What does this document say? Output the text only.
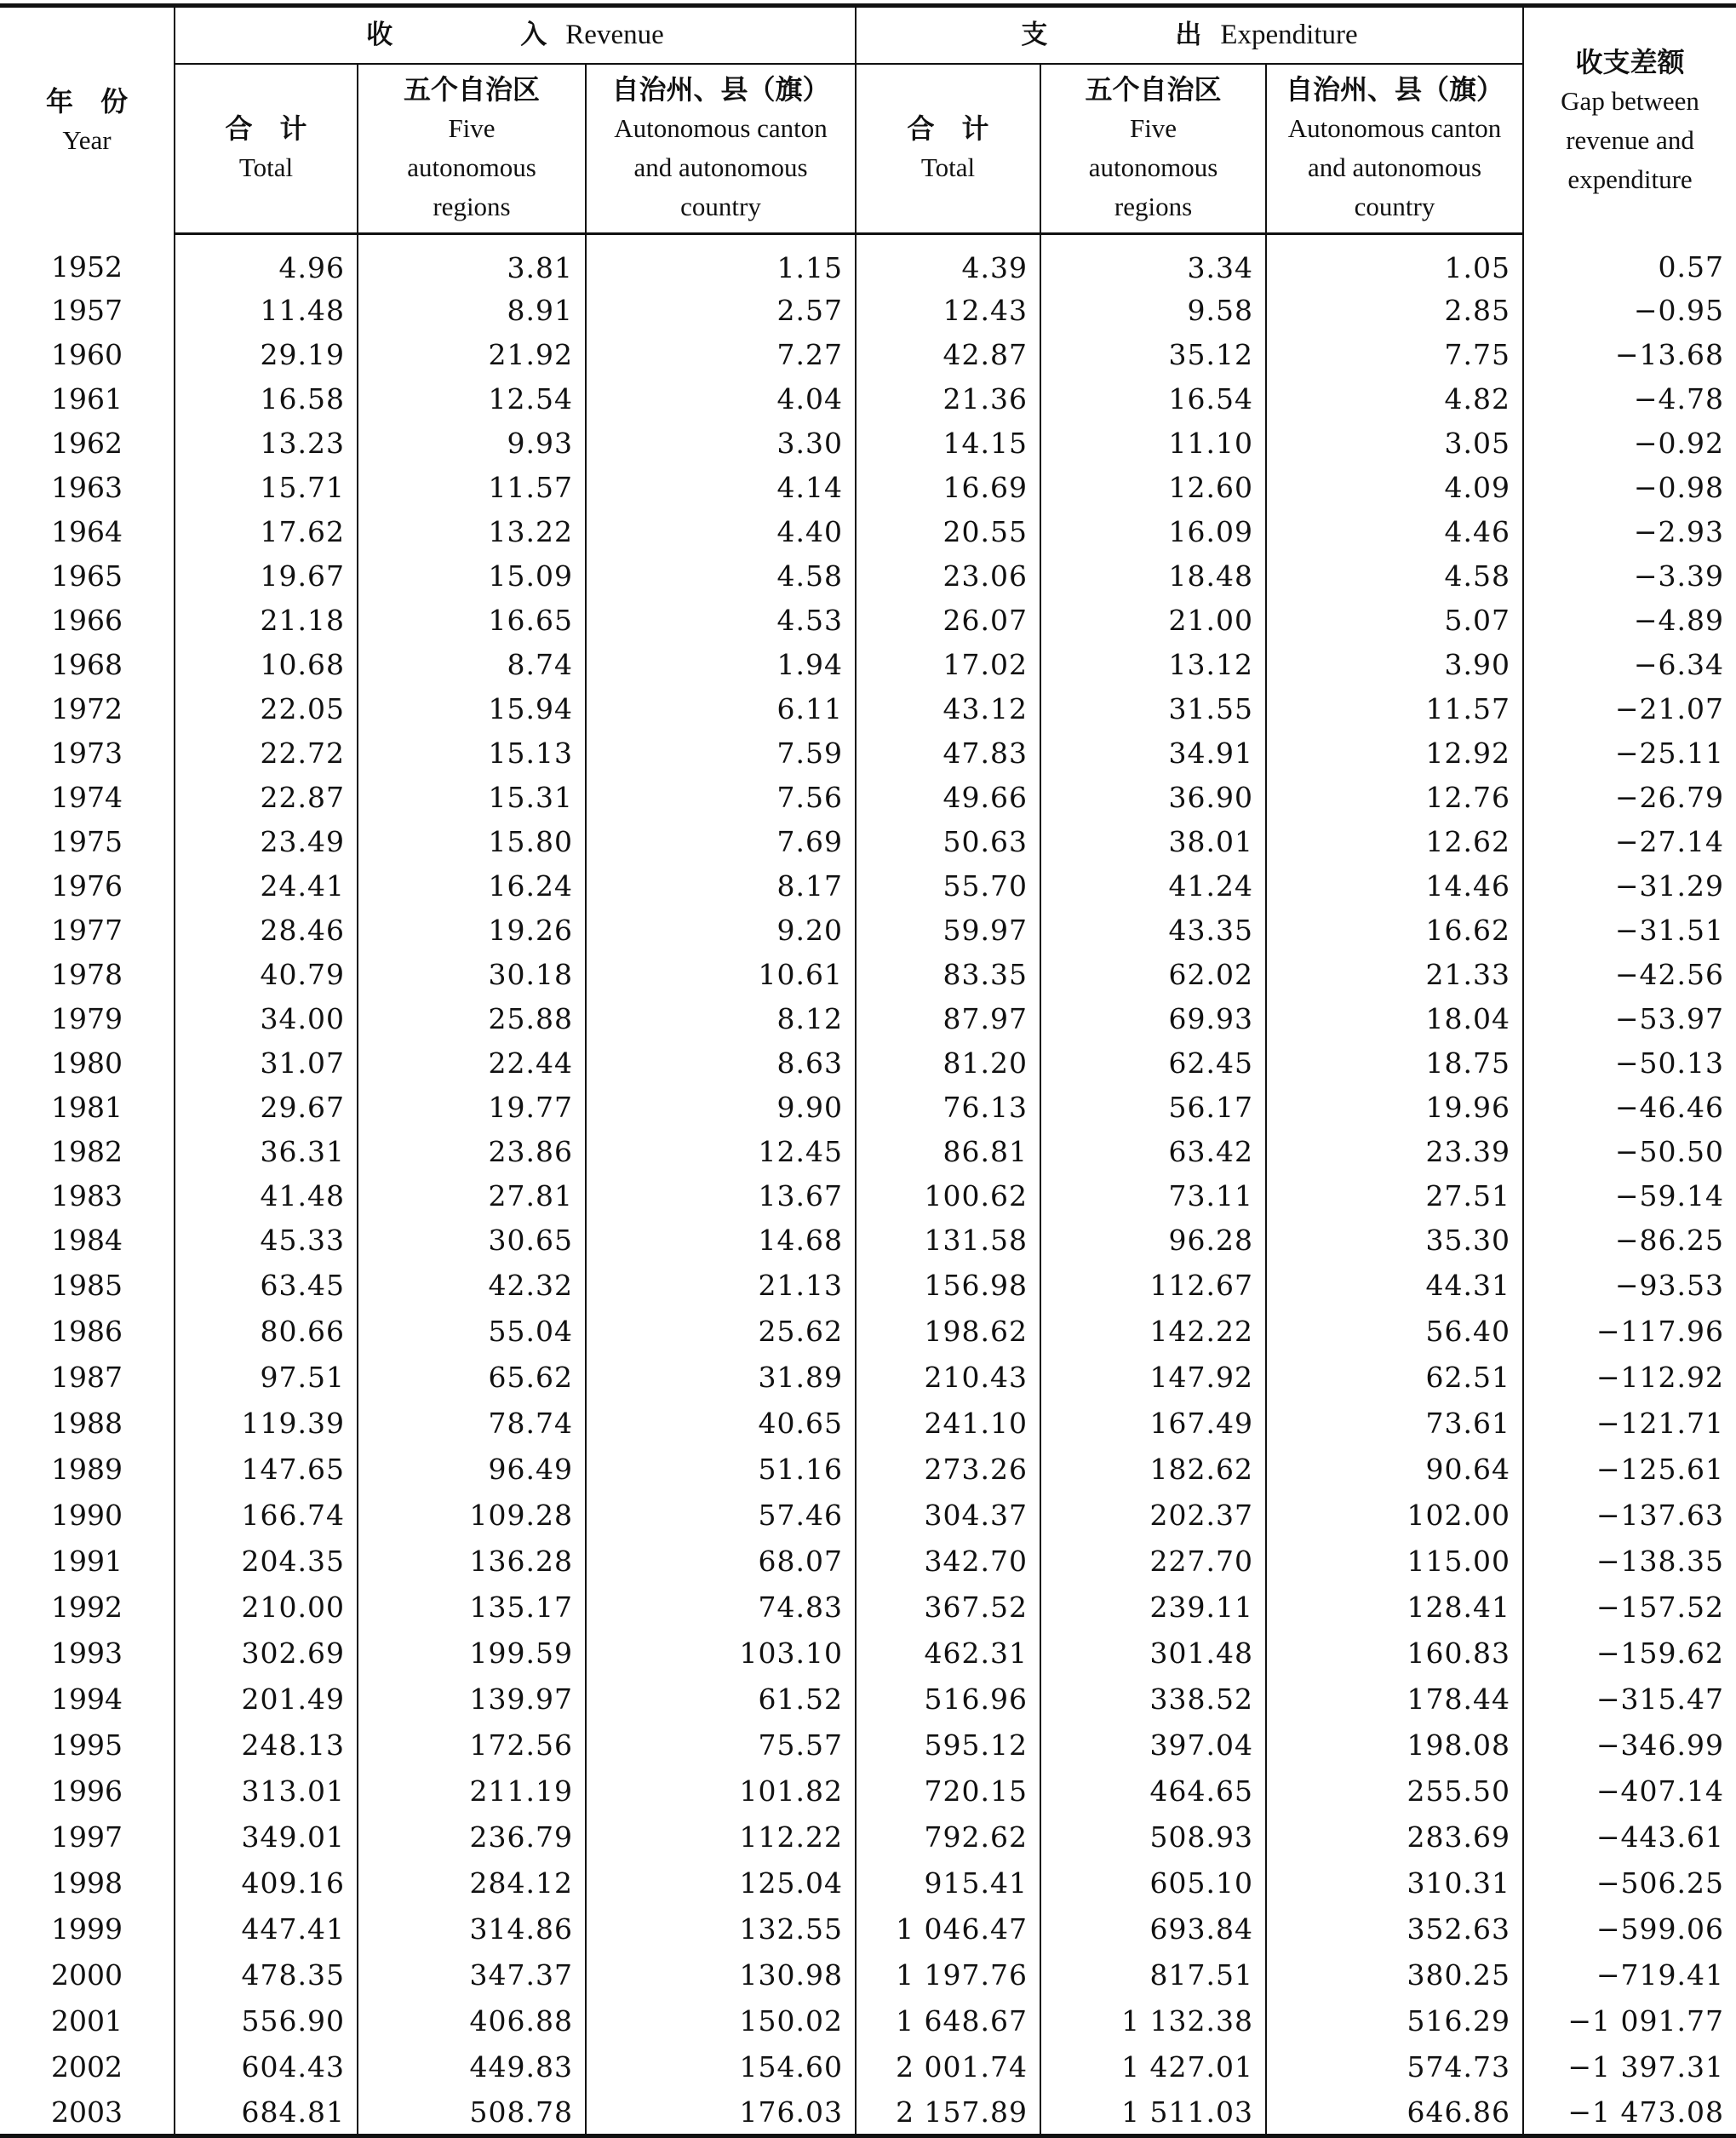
年　份
Year	收 入 Revenue			支 出 Expenditure			收支差额
Gap between
revenue and
expenditure

	合　计
Total	五个自治区
Five
autonomous
regions	自治州、县（旗）
Autonomous canton
and autonomous
country	合　计
Total	五个自治区
Five
autonomous
regions	自治州、县（旗）
Autonomous canton
and autonomous
country	

1952	4.96	3.81	1.15	4.39	3.34	1.05	0.57
1957	11.48	8.91	2.57	12.43	9.58	2.85	−0.95
1960	29.19	21.92	7.27	42.87	35.12	7.75	−13.68
1961	16.58	12.54	4.04	21.36	16.54	4.82	−4.78
1962	13.23	9.93	3.30	14.15	11.10	3.05	−0.92
1963	15.71	11.57	4.14	16.69	12.60	4.09	−0.98
1964	17.62	13.22	4.40	20.55	16.09	4.46	−2.93
1965	19.67	15.09	4.58	23.06	18.48	4.58	−3.39
1966	21.18	16.65	4.53	26.07	21.00	5.07	−4.89
1968	10.68	8.74	1.94	17.02	13.12	3.90	−6.34
1972	22.05	15.94	6.11	43.12	31.55	11.57	−21.07
1973	22.72	15.13	7.59	47.83	34.91	12.92	−25.11
1974	22.87	15.31	7.56	49.66	36.90	12.76	−26.79
1975	23.49	15.80	7.69	50.63	38.01	12.62	−27.14
1976	24.41	16.24	8.17	55.70	41.24	14.46	−31.29
1977	28.46	19.26	9.20	59.97	43.35	16.62	−31.51
1978	40.79	30.18	10.61	83.35	62.02	21.33	−42.56
1979	34.00	25.88	8.12	87.97	69.93	18.04	−53.97
1980	31.07	22.44	8.63	81.20	62.45	18.75	−50.13
1981	29.67	19.77	9.90	76.13	56.17	19.96	−46.46
1982	36.31	23.86	12.45	86.81	63.42	23.39	−50.50
1983	41.48	27.81	13.67	100.62	73.11	27.51	−59.14
1984	45.33	30.65	14.68	131.58	96.28	35.30	−86.25
1985	63.45	42.32	21.13	156.98	112.67	44.31	−93.53
1986	80.66	55.04	25.62	198.62	142.22	56.40	−117.96
1987	97.51	65.62	31.89	210.43	147.92	62.51	−112.92
1988	119.39	78.74	40.65	241.10	167.49	73.61	−121.71
1989	147.65	96.49	51.16	273.26	182.62	90.64	−125.61
1990	166.74	109.28	57.46	304.37	202.37	102.00	−137.63
1991	204.35	136.28	68.07	342.70	227.70	115.00	−138.35
1992	210.00	135.17	74.83	367.52	239.11	128.41	−157.52
1993	302.69	199.59	103.10	462.31	301.48	160.83	−159.62
1994	201.49	139.97	61.52	516.96	338.52	178.44	−315.47
1995	248.13	172.56	75.57	595.12	397.04	198.08	−346.99
1996	313.01	211.19	101.82	720.15	464.65	255.50	−407.14
1997	349.01	236.79	112.22	792.62	508.93	283.69	−443.61
1998	409.16	284.12	125.04	915.41	605.10	310.31	−506.25
1999	447.41	314.86	132.55	1 046.47	693.84	352.63	−599.06
2000	478.35	347.37	130.98	1 197.76	817.51	380.25	−719.41
2001	556.90	406.88	150.02	1 648.67	1 132.38	516.29	−1 091.77
2002	604.43	449.83	154.60	2 001.74	1 427.01	574.73	−1 397.31
2003	684.81	508.78	176.03	2 157.89	1 511.03	646.86	−1 473.08
